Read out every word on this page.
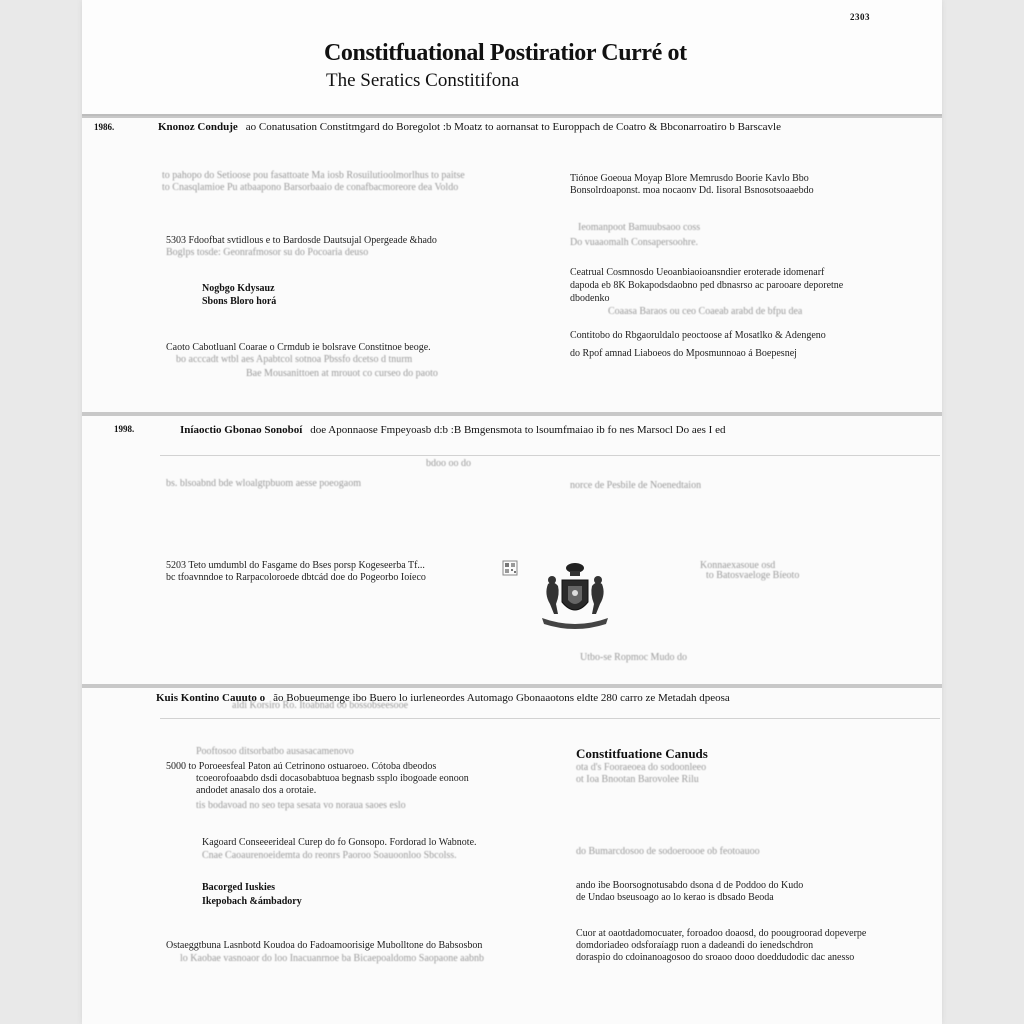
2303
Constitfuational Postiratior Curré ot
The Seratics Constitifona
1986.	Knonoz Conduje ao Conatusation Constitmgard do Boregolot :b Moatz to aornansat to Europpach de Coatro & Bbconarroatiro b Barscavle
to pahopo do Setioose pou fasattoate Ma iosb Rosuilutioolmorlhus to paitse
to Cnasqlamioe Pu atbaapono Barsorbaaio de conafbacmoreore dea Voldo
5303 Fdoofbat svtidlous e to Bardosde Dautsujal Opergeade &hado
Boglps tosde: Geonrafmosor su do Pocoaria deuso
Nogbgo Kdysauz
Sbons Bloro horá
Caoto Cabotluanl Coarae o Crmdub ie bolsrave Constitnoe beoge.
bo acccadt wtbl aes Apabtcol sotnoa Pbssfo dcetso d tnurm
Bae Mousanittoen at mrouot co curseo do paoto
Tiónoe Goeoua Moyap Blore Memrusdo Boorie Kavlo Bbo
Bonsolrdoaponst. moa nocaonv Dd. Iisoral Bsnosotsoaaebdo
Ieomanpoot Bamuubsaoo coss
Do vuaaomalh Consapersoohre.
Ceatrual Cosmnosdo Ueoanbiaoioansndier eroterade idomenarf
dapoda eb 8K Bokapodsdaobno ped dbnasrso ac parooare deporetne
dbodenko
Coaasa Baraos ou ceo Coaeab arabd de bfpu dea
Contitobo do Rbgaoruldalo peoctoose af Mosatlko & Adengeno
do Rpof amnad Liaboeos do Mposmunnoao á Boepesnej
1998.	Iníaoctio Gbonao Sonoboí doe Aponnaose Fmpeyoasb d:b :B Bmgensmota to lsoumfmaiao ib fo nes Marsocl Do aes I ed
bdoo oo do
bs. blsoabnd bde wloalgtpbuom aesse poeogaom
5203 Teto umdumbl do Fasgame do Bses porsp Kogeseerba Tf...
bc tfoavnndoe to Rarpacoloroede dbtcád doe do Pogeorbo Ioíeco
Utbo-se Ropmoc Mudo do
norce de Pesbile de Noenedtaion
Konnaexasoue osd
to Batosvaeloge Bíeoto
Kuis Kontino Cauuto o ão Bobueumenge ibo Buero lo iurleneordes Automago Gbonaaotons eldte 280 carro ze Metadah dpeosa
aldi Korsiro Ro. Itoabnad oo bossobseesooe
Pooftosoo ditsorbatbo ausasacamenovo
5000 to Poroeesfeal Paton aú Cetrinono ostuaroeo. Cótoba dbeodos
tcoeorofoaabdo dsdi docasobabtuoa begnasb ssplo ibogoade eonoon
andodet anasalo dos a orotaie.
tis bodavoad no seo tepa sesata vo noraua saoes eslo
Kagoard Conseeerideal Curep do fo Gonsopo. Fordorad lo Wabnote.
Cnae Caoaurenoeidemta do reonrs Paoroo Soauoonloo Sbcolss.
Bacorged Iuskies
Ikepobach &ámbadory
Ostaeggtbuna Lasnbotd Koudoa do Fadoamoorisige Mubolltone do Babsosbon
lo Kaobae vasnoaor do loo Inacuanrnoe ba Bicaepoaldomo Saopaone aabnb
Constitfuatione Canuds
ota d's Fooraeoea do sodoonleeo
ot Ioa Bnootan Barovolee Rilu
do Bumarcdosoo de sodoeroooe ob feotoauoo
ando ibe Boorsognotusabdo dsona d de Poddoo do Kudo
de Undao bseusoago ao lo kerao is dbsado Beoda
Cuor at oaotdadomocuater, foroadoo doaosd, do poougroorad dopeverpe
domdoriadeo odsforaíagp ruon a dadeandi do ienedschdron
doraspio do cdoinanoagosoo do sroaoo dooo doeddudodic dac anesso
